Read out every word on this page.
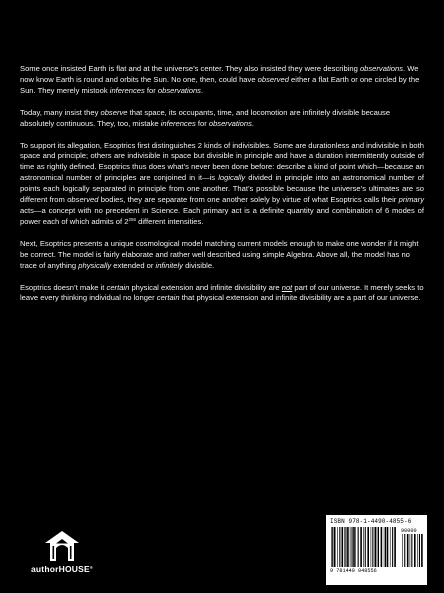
Some once insisted Earth is flat and at the universe’s center. They also insisted they were describing observations. We now know Earth is round and orbits the Sun. No one, then, could have observed either a flat Earth or one circled by the Sun. They merely mistook inferences for observations.

Today, many insist they observe that space, its occupants, time, and locomotion are infinitely divisible because absolutely continuous. They, too, mistake inferences for observations.

To support its allegation, Esoptrics first distinguishes 2 kinds of indivisibles. Some are durationless and indivisible in both space and principle; others are indivisible in space but divisible in principle and have a duration intermittently outside of time as rightly defined. Esoptrics thus does what’s never been done before: describe a kind of point which—because an astronomical number of principles are conjoined in it—is logically divided in principle into an astronomical number of points each logically separated in principle from one another. That’s possible because the universe’s ultimates are so different from observed bodies, they are separate from one another solely by virtue of what Esoptrics calls their primary acts—a concept with no precedent in Science. Each primary act is a definite quantity and combination of 6 modes of power each of which admits of $2^{256}$ different intensities.

Next, Esoptrics presents a unique cosmological model matching current models enough to make one wonder if it might be correct. The model is fairly elaborate and rather well described using simple Algebra. Above all, the model has no trace of anything physically extended or infinitely divisible.

Esoptrics doesn’t make it certain physical extension and infinite divisibility are not part of our universe. It merely seeks to leave every thinking individual no longer certain that physical extension and infinite divisibility are a part of our universe.

authorHOUSE®
ISBN 978-1-4490-4855-6
90000
9 781449 048556
